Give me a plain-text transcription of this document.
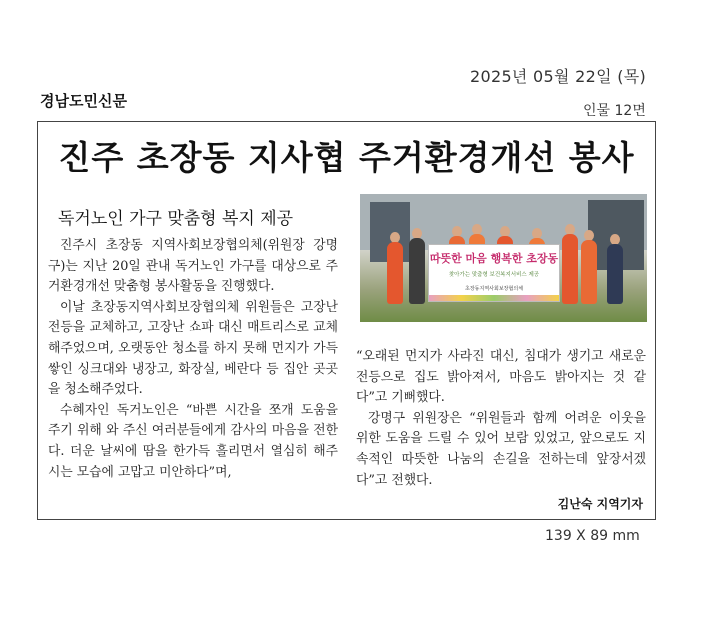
2025년 05월 22일 (목)
경남도민신문
인물 12면
진주 초장동 지사협 주거환경개선 봉사
독거노인 가구 맞춤형 복지 제공

진주시 초장동 지역사회보장협의체(위원장 강명구)는 지난 20일 관내 독거노인 가구를 대상으로 주거환경개선 맞춤형 봉사활동을 진행했다.

이날 초장동지역사회보장협의체 위원들은 고장난 전등을 교체하고, 고장난 쇼파 대신 매트리스로 교체해주었으며, 오랫동안 청소를 하지 못해 먼지가 가득 쌓인 싱크대와 냉장고, 화장실, 베란다 등 집안 곳곳을 청소해주었다.

수혜자인 독거노인은 “바쁜 시간을 쪼개 도움을 주기 위해 와 주신 여러분들에게 감사의 마음을 전한다. 더운 날씨에 땀을 한가득 흘리면서 열심히 해주시는 모습에 고맙고 미안하다”며,

따뜻한 마음 행복한 초장동
찾아가는 맞춤형 보건복지서비스 제공
초장동지역사회보장협의체

“오래된 먼지가 사라진 대신, 침대가 생기고 새로운 전등으로 집도 밝아져서, 마음도 밝아지는 것 같다”고 기뻐했다.

강명구 위원장은 “위원들과 함께 어려운 이웃을 위한 도움을 드릴 수 있어 보람 있었고, 앞으로도 지속적인 따뜻한 나눔의 손길을 전하는데 앞장서겠다”고 전했다.

김난숙 지역기자
139 X 89 mm
